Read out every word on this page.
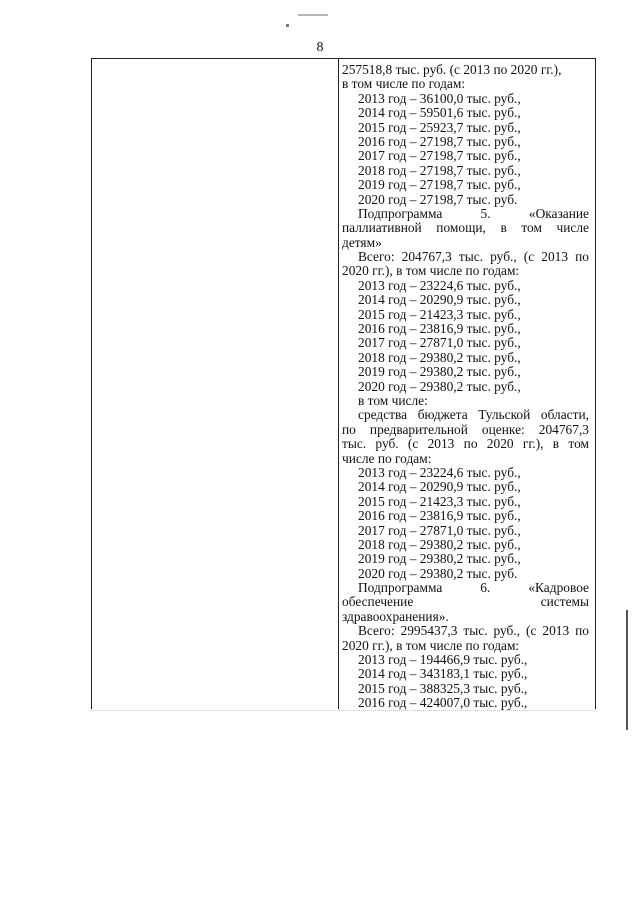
8
257518,8 тыс. руб. (с 2013 по 2020 гг.),
в том числе по годам:
2013 год – 36100,0 тыс. руб.,
2014 год – 59501,6 тыс. руб.,
2015 год – 25923,7 тыс. руб.,
2016 год – 27198,7 тыс. руб.,
2017 год – 27198,7 тыс. руб.,
2018 год – 27198,7 тыс. руб.,
2019 год – 27198,7 тыс. руб.,
2020 год – 27198,7 тыс. руб.
Подпрограмма 5. «Оказание
паллиативной помощи, в том числе
детям»
Всего: 204767,3 тыс. руб., (с 2013 по
2020 гг.), в том числе по годам:
2013 год – 23224,6 тыс. руб.,
2014 год – 20290,9 тыс. руб.,
2015 год – 21423,3 тыс. руб.,
2016 год – 23816,9 тыс. руб.,
2017 год – 27871,0 тыс. руб.,
2018 год – 29380,2 тыс. руб.,
2019 год – 29380,2 тыс. руб.,
2020 год – 29380,2 тыс. руб.,
в том числе:
средства бюджета Тульской области,
по предварительной оценке: 204767,3
тыс. руб. (с 2013 по 2020 гг.), в том
числе по годам:
2013 год – 23224,6 тыс. руб.,
2014 год – 20290,9 тыс. руб.,
2015 год – 21423,3 тыс. руб.,
2016 год – 23816,9 тыс. руб.,
2017 год – 27871,0 тыс. руб.,
2018 год – 29380,2 тыс. руб.,
2019 год – 29380,2 тыс. руб.,
2020 год – 29380,2 тыс. руб.
Подпрограмма 6. «Кадровое
обеспечение системы
здравоохранения».
Всего: 2995437,3 тыс. руб., (с 2013 по
2020 гг.), в том числе по годам:
2013 год – 194466,9 тыс. руб.,
2014 год – 343183,1 тыс. руб.,
2015 год – 388325,3 тыс. руб.,
2016 год – 424007,0 тыс. руб.,
